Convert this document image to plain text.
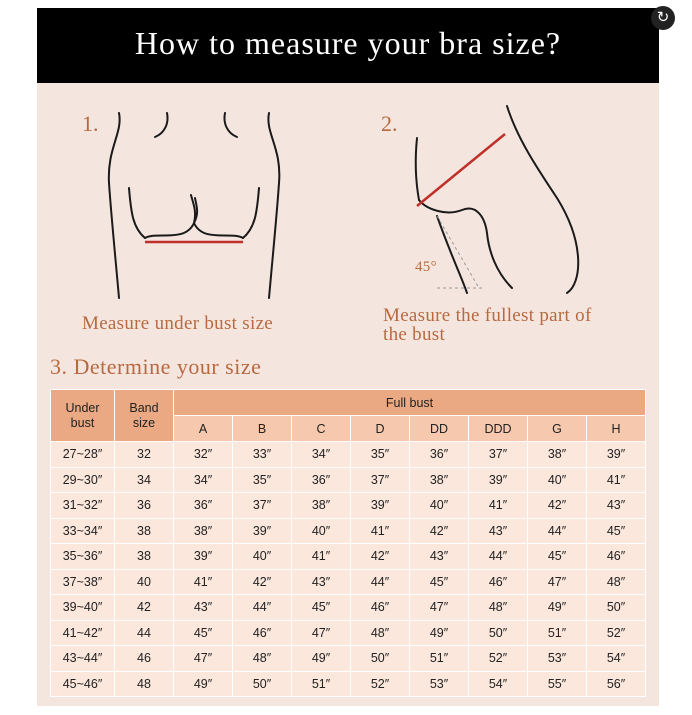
How to measure your bra size?
1.
Measure under bust size
2.
45°
Measure the fullest part of
the bust
3. Determine your size
Under bust	Band size	Full bust							
		A	B	C	D	DD	DDD	G	H
27~28″	32	32″	33″	34″	35″	36″	37″	38″	39″
29~30″	34	34″	35″	36″	37″	38″	39″	40″	41″
31~32″	36	36″	37″	38″	39″	40″	41″	42″	43″
33~34″	38	38″	39″	40″	41″	42″	43″	44″	45″
35~36″	38	39″	40″	41″	42″	43″	44″	45″	46″
37~38″	40	41″	42″	43″	44″	45″	46″	47″	48″
39~40″	42	43″	44″	45″	46″	47″	48″	49″	50″
41~42″	44	45″	46″	47″	48″	49″	50″	51″	52″
43~44″	46	47″	48″	49″	50″	51″	52″	53″	54″
45~46″	48	49″	50″	51″	52″	53″	54″	55″	56″
↻
